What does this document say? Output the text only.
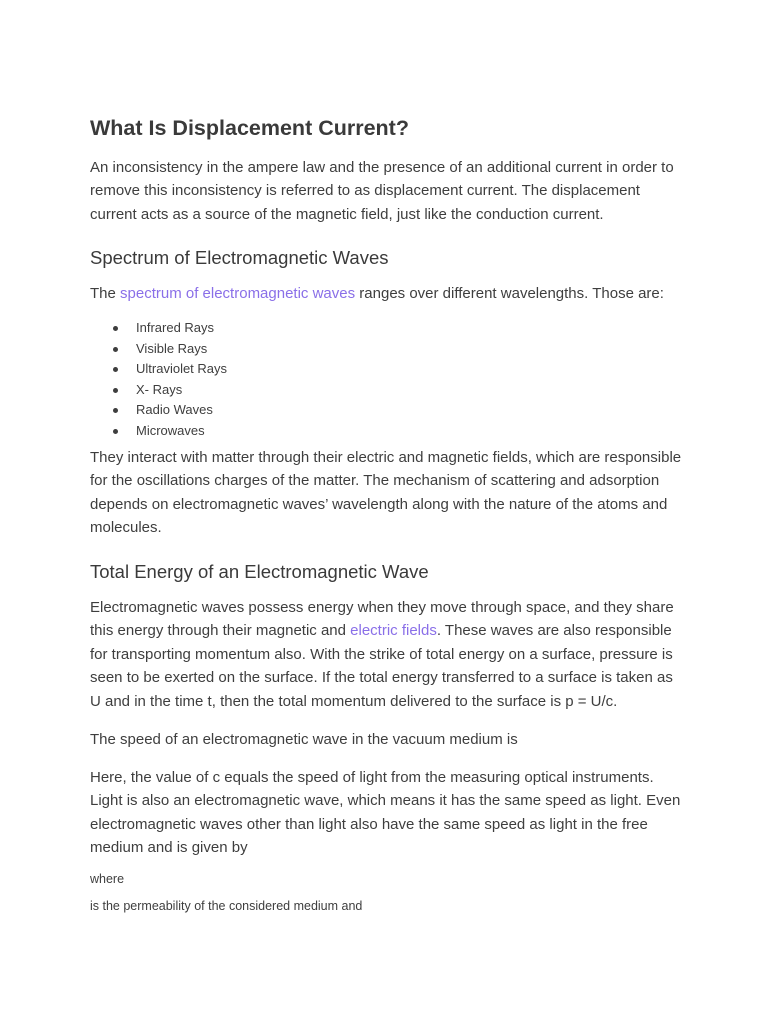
What Is Displacement Current?

An inconsistency in the ampere law and the presence of an additional current in order to remove this inconsistency is referred to as displacement current. The displacement current acts as a source of the magnetic field, just like the conduction current.

Spectrum of Electromagnetic Waves

The spectrum of electromagnetic waves ranges over different wavelengths. Those are:

Infrared Rays
Visible Rays
Ultraviolet Rays
X- Rays
Radio Waves
Microwaves

They interact with matter through their electric and magnetic fields, which are responsible for the oscillations charges of the matter. The mechanism of scattering and adsorption depends on electromagnetic waves’ wavelength along with the nature of the atoms and molecules.

Total Energy of an Electromagnetic Wave

Electromagnetic waves possess energy when they move through space, and they share this energy through their magnetic and electric fields. These waves are also responsible for transporting momentum also. With the strike of total energy on a surface, pressure is seen to be exerted on the surface. If the total energy transferred to a surface is taken as U and in the time t, then the total momentum delivered to the surface is p = U/c.

The speed of an electromagnetic wave in the vacuum medium is

Here, the value of c equals the speed of light from the measuring optical instruments. Light is also an electromagnetic wave, which means it has the same speed as light. Even electromagnetic waves other than light also have the same speed as light in the free medium and is given by

where

is the permeability of the considered medium and
